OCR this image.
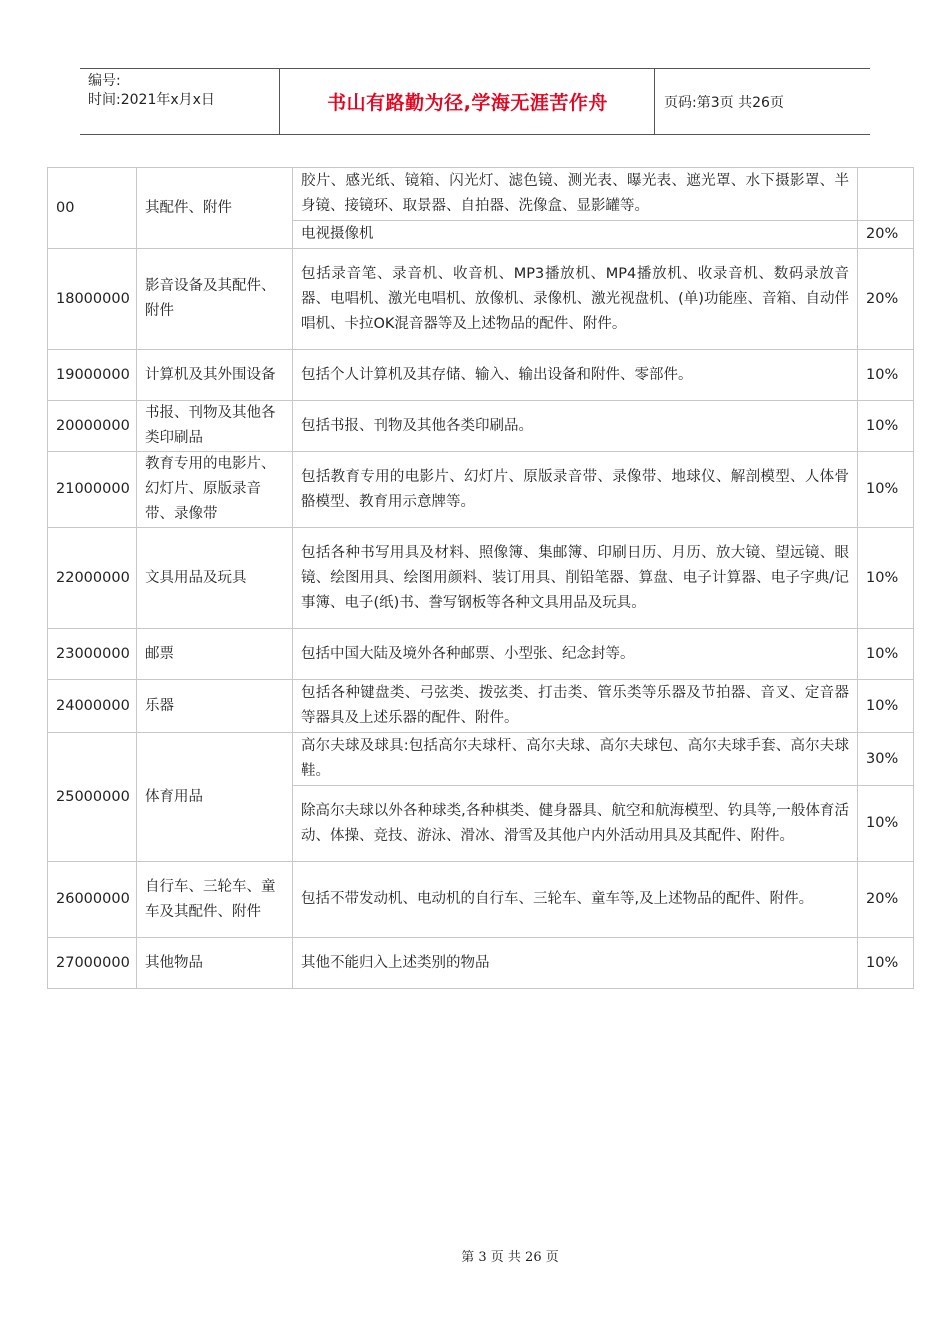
编号:
时间:2021年x月x日	书山有路勤为径,学海无涯苦作舟	页码:第3页 共26页
00	其配件、附件	胶片、感光纸、镜箱、闪光灯、滤色镜、测光表、曝光表、遮光罩、水下摄影罩、半身镜、接镜环、取景器、自拍器、洗像盒、显影罐等。	
		电视摄像机	20%
18000000	影音设备及其配件、附件	包括录音笔、录音机、收音机、MP3播放机、MP4播放机、收录音机、数码录放音器、电唱机、激光电唱机、放像机、录像机、激光视盘机、(单)功能座、音箱、自动伴唱机、卡拉OK混音器等及上述物品的配件、附件。	20%
19000000	计算机及其外围设备	包括个人计算机及其存储、输入、输出设备和附件、零部件。	10%
20000000	书报、刊物及其他各类印刷品	包括书报、刊物及其他各类印刷品。	10%
21000000	教育专用的电影片、幻灯片、原版录音带、录像带	包括教育专用的电影片、幻灯片、原版录音带、录像带、地球仪、解剖模型、人体骨骼模型、教育用示意牌等。	10%
22000000	文具用品及玩具	包括各种书写用具及材料、照像簿、集邮簿、印刷日历、月历、放大镜、望远镜、眼镜、绘图用具、绘图用颜料、装订用具、削铅笔器、算盘、电子计算器、电子字典/记事簿、电子(纸)书、誊写钢板等各种文具用品及玩具。	10%
23000000	邮票	包括中国大陆及境外各种邮票、小型张、纪念封等。	10%
24000000	乐器	包括各种键盘类、弓弦类、拨弦类、打击类、管乐类等乐器及节拍器、音叉、定音器等器具及上述乐器的配件、附件。	10%
25000000	体育用品	高尔夫球及球具:包括高尔夫球杆、高尔夫球、高尔夫球包、高尔夫球手套、高尔夫球鞋。	30%
		除高尔夫球以外各种球类,各种棋类、健身器具、航空和航海模型、钓具等,一般体育活动、体操、竞技、游泳、滑冰、滑雪及其他户内外活动用具及其配件、附件。	10%
26000000	自行车、三轮车、童车及其配件、附件	包括不带发动机、电动机的自行车、三轮车、童车等,及上述物品的配件、附件。	20%
27000000	其他物品	其他不能归入上述类别的物品	10%
第 3 页 共 26 页
